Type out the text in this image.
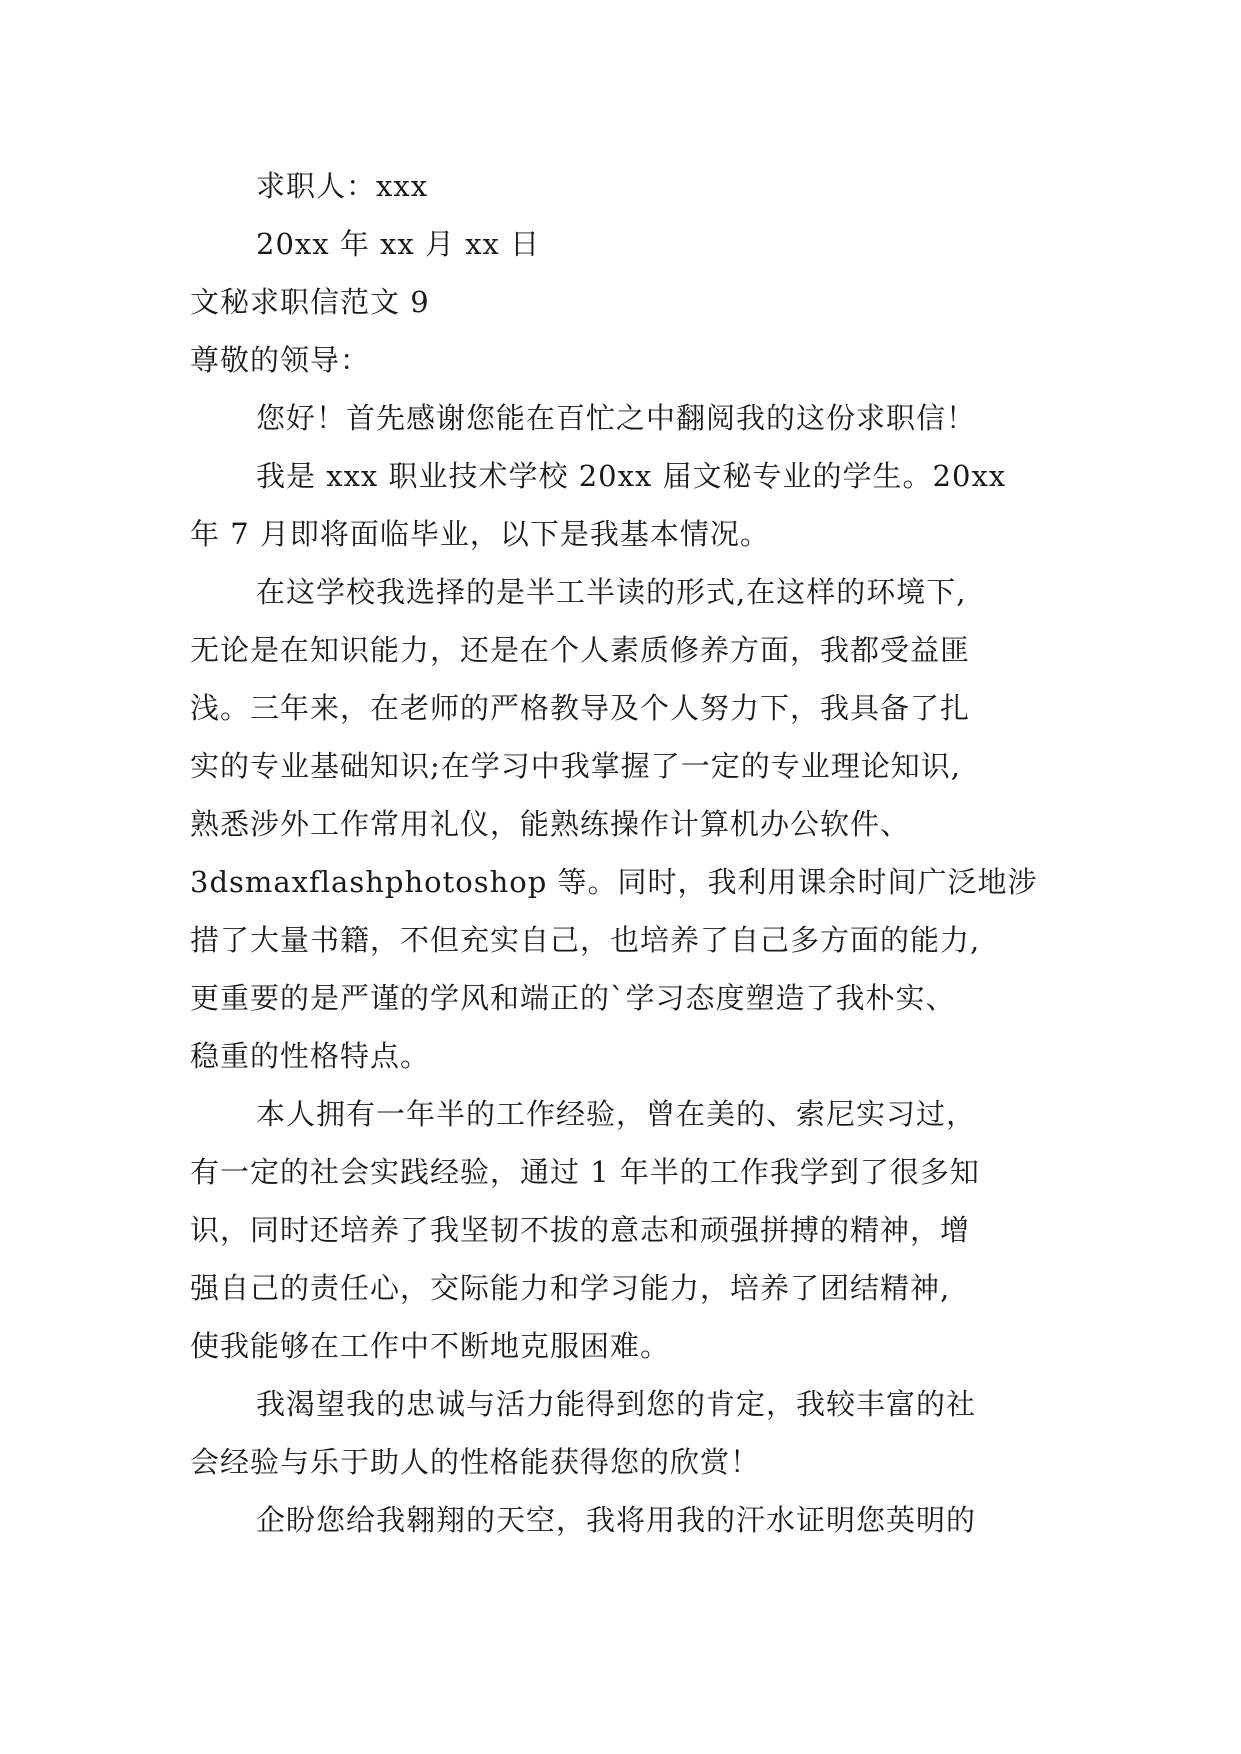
求职人：xxx
20xx 年 xx 月 xx 日
文秘求职信范文 9
尊敬的领导：
您好！首先感谢您能在百忙之中翻阅我的这份求职信！
我是 xxx 职业技术学校 20xx 届文秘专业的学生。20xx
年 7 月即将面临毕业，以下是我基本情况。
在这学校我选择的是半工半读的形式,在这样的环境下,
无论是在知识能力，还是在个人素质修养方面，我都受益匪
浅。三年来，在老师的严格教导及个人努力下，我具备了扎
实的专业基础知识;在学习中我掌握了一定的专业理论知识,
熟悉涉外工作常用礼仪，能熟练操作计算机办公软件、
3dsmaxflashphotoshop 等。同时，我利用课余时间广泛地涉
措了大量书籍，不但充实自己，也培养了自己多方面的能力,
更重要的是严谨的学风和端正的`学习态度塑造了我朴实、
稳重的性格特点。
本人拥有一年半的工作经验，曾在美的、索尼实习过，
有一定的社会实践经验，通过 1 年半的工作我学到了很多知
识，同时还培养了我坚韧不拔的意志和顽强拼搏的精神，增
强自己的责任心，交际能力和学习能力，培养了团结精神,
使我能够在工作中不断地克服困难。
我渴望我的忠诚与活力能得到您的肯定，我较丰富的社
会经验与乐于助人的性格能获得您的欣赏！
企盼您给我翱翔的天空，我将用我的汗水证明您英明的
